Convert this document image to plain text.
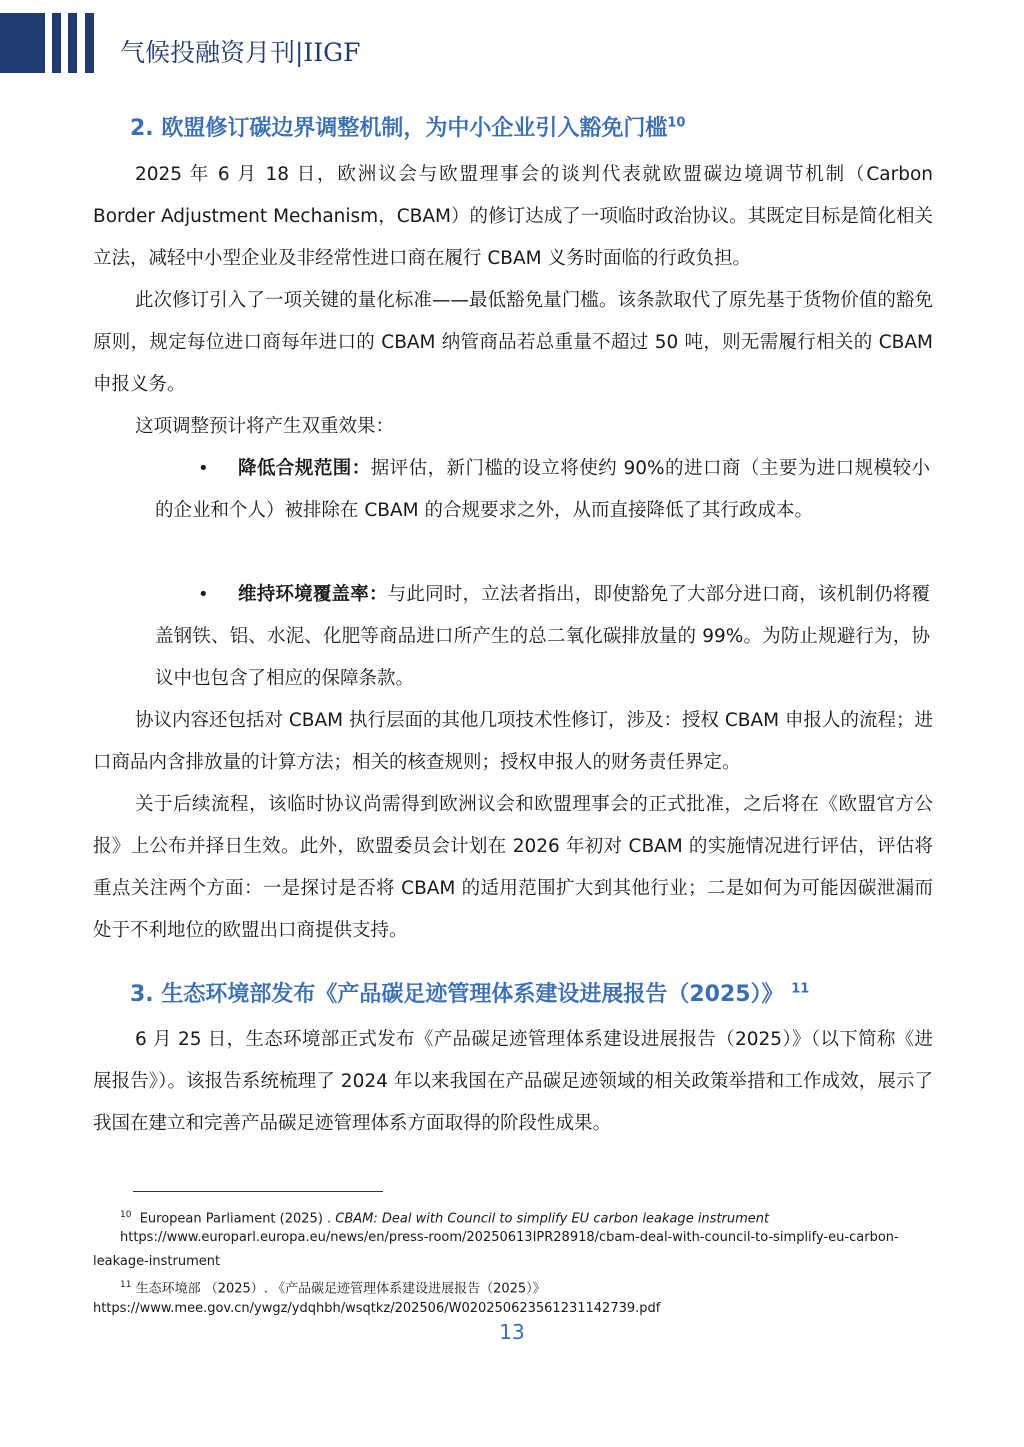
气候投融资月刊|IIGF
2. 欧盟修订碳边界调整机制，为中小企业引入豁免门槛$^{10}$

2025 年 6 月 18 日，欧洲议会与欧盟理事会的谈判代表就欧盟碳边境调节机制（Carbon Border Adjustment Mechanism，CBAM）的修订达成了一项临时政治协议。其既定目标是简化相关立法，减轻中小型企业及非经常性进口商在履行 CBAM 义务时面临的行政负担。

此次修订引入了一项关键的量化标准——最低豁免量门槛。该条款取代了原先基于货物价值的豁免原则，规定每位进口商每年进口的 CBAM 纳管商品若总重量不超过 50 吨，则无需履行相关的 CBAM 申报义务。

这项调整预计将产生双重效果：

•	降低合规范围：据评估，新门槛的设立将使约 90%的进口商（主要为进口规模较小的企业和个人）被排除在 CBAM 的合规要求之外，从而直接降低了其行政成本。

•	维持环境覆盖率：与此同时，立法者指出，即使豁免了大部分进口商，该机制仍将覆盖钢铁、铝、水泥、化肥等商品进口所产生的总二氧化碳排放量的 99%。为防止规避行为，协议中也包含了相应的保障条款。

协议内容还包括对 CBAM 执行层面的其他几项技术性修订，涉及：授权 CBAM 申报人的流程；进口商品内含排放量的计算方法；相关的核查规则；授权申报人的财务责任界定。

关于后续流程，该临时协议尚需得到欧洲议会和欧盟理事会的正式批准，之后将在《欧盟官方公报》上公布并择日生效。此外，欧盟委员会计划在 2026 年初对 CBAM 的实施情况进行评估，评估将重点关注两个方面：一是探讨是否将 CBAM 的适用范围扩大到其他行业；二是如何为可能因碳泄漏而处于不利地位的欧盟出口商提供支持。

3. 生态环境部发布《产品碳足迹管理体系建设进展报告（2025）》 $^{11}$

6 月 25 日，生态环境部正式发布《产品碳足迹管理体系建设进展报告（2025）》（以下简称《进展报告》）。该报告系统梳理了 2024 年以来我国在产品碳足迹领域的相关政策举措和工作成效，展示了我国在建立和完善产品碳足迹管理体系方面取得的阶段性成果。

$^{10}$ European Parliament (2025) . CBAM: Deal with Council to simplify EU carbon leakage instrument

https://www.europarl.europa.eu/news/en/press-room/20250613IPR28918/cbam-deal-with-council-to-simplify-eu-carbon-

leakage-instrument

$^{11}$ 生态环境部 （2025）. 《产品碳足迹管理体系建设进展报告（2025）》

https://www.mee.gov.cn/ywgz/ydqhbh/wsqtkz/202506/W020250623561231142739.pdf

13
